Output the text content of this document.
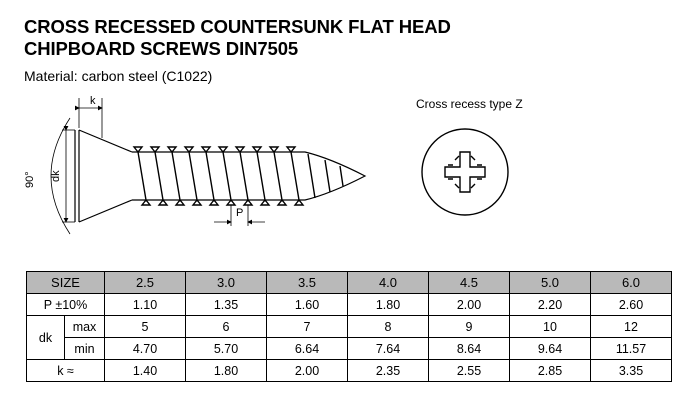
CROSS RECESSED COUNTERSUNK FLAT HEAD
CHIPBOARD SCREWS DIN7505
Material: carbon steel (C1022)
k
dk
90°
P
Cross recess type Z
SIZE		2.5	3.0	3.5	4.0	4.5	5.0	6.0
P ±10%		1.10	1.35	1.60	1.80	2.00	2.20	2.60
dk	max	5	6	7	8	9	10	12
	min	4.70	5.70	6.64	7.64	8.64	9.64	11.57
k ≈		1.40	1.80	2.00	2.35	2.55	2.85	3.35
